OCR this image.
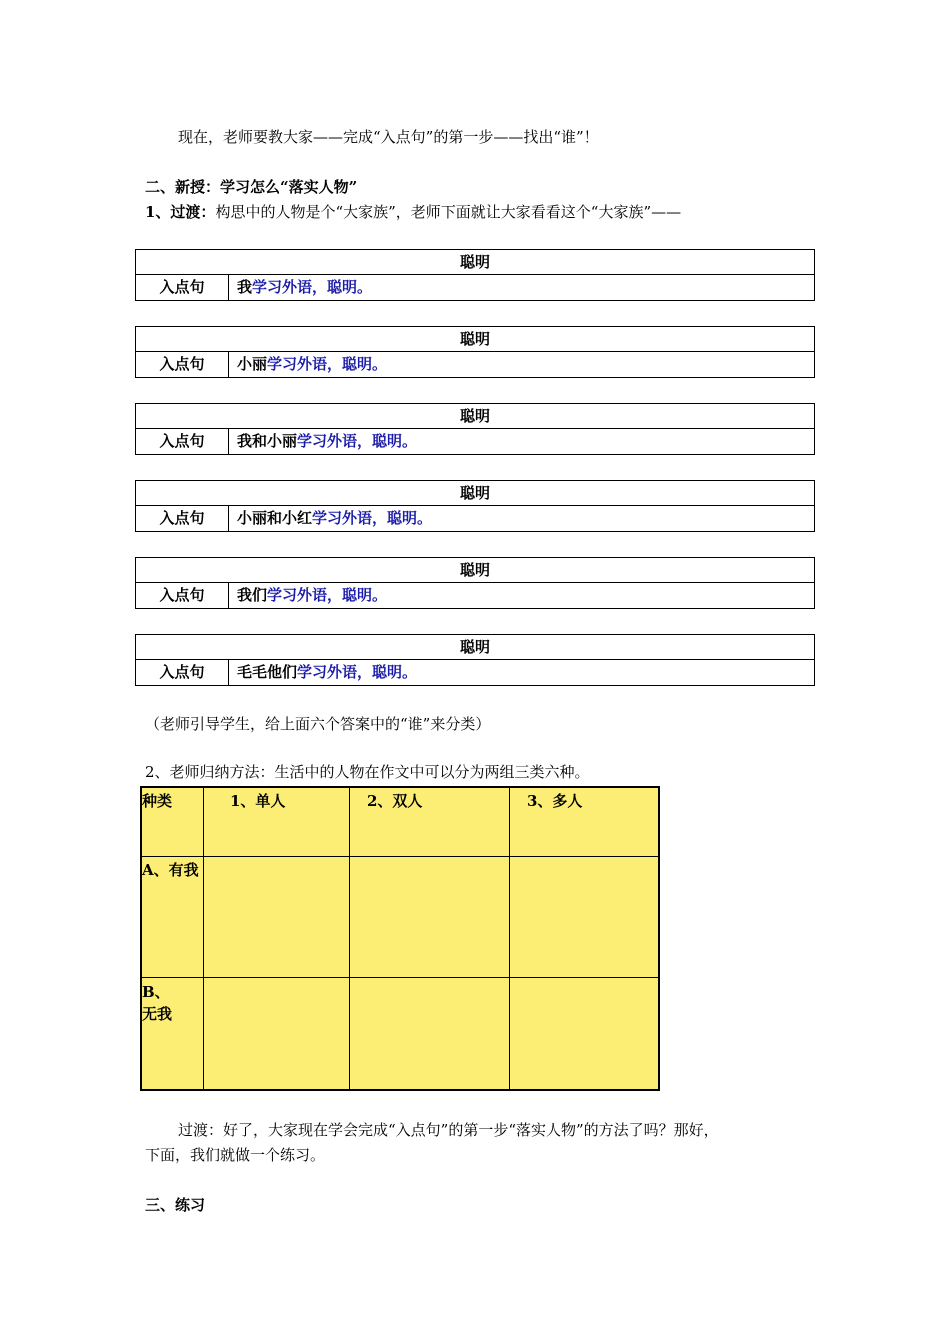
现在，老师要教大家——完成“入点句”的第一步——找出“谁”！
二、新授：学习怎么“落实人物”
1、过渡：构思中的人物是个“大家族”，老师下面就让大家看看这个“大家族”——
聪明
入点句	我学习外语，聪明。
聪明
入点句	小丽学习外语，聪明。
聪明
入点句	我和小丽学习外语，聪明。
聪明
入点句	小丽和小红学习外语，聪明。
聪明
入点句	我们学习外语，聪明。
聪明
入点句	毛毛他们学习外语，聪明。
（老师引导学生，给上面六个答案中的“谁”来分类）
2、老师归纳方法：生活中的人物在作文中可以分为两组三类六种。
种类	1、单人	2、双人	3、多人
A、有我
B、
无我
过渡：好了，大家现在学会完成“入点句”的第一步“落实人物”的方法了吗？那好，
下面，我们就做一个练习。
三、练习
